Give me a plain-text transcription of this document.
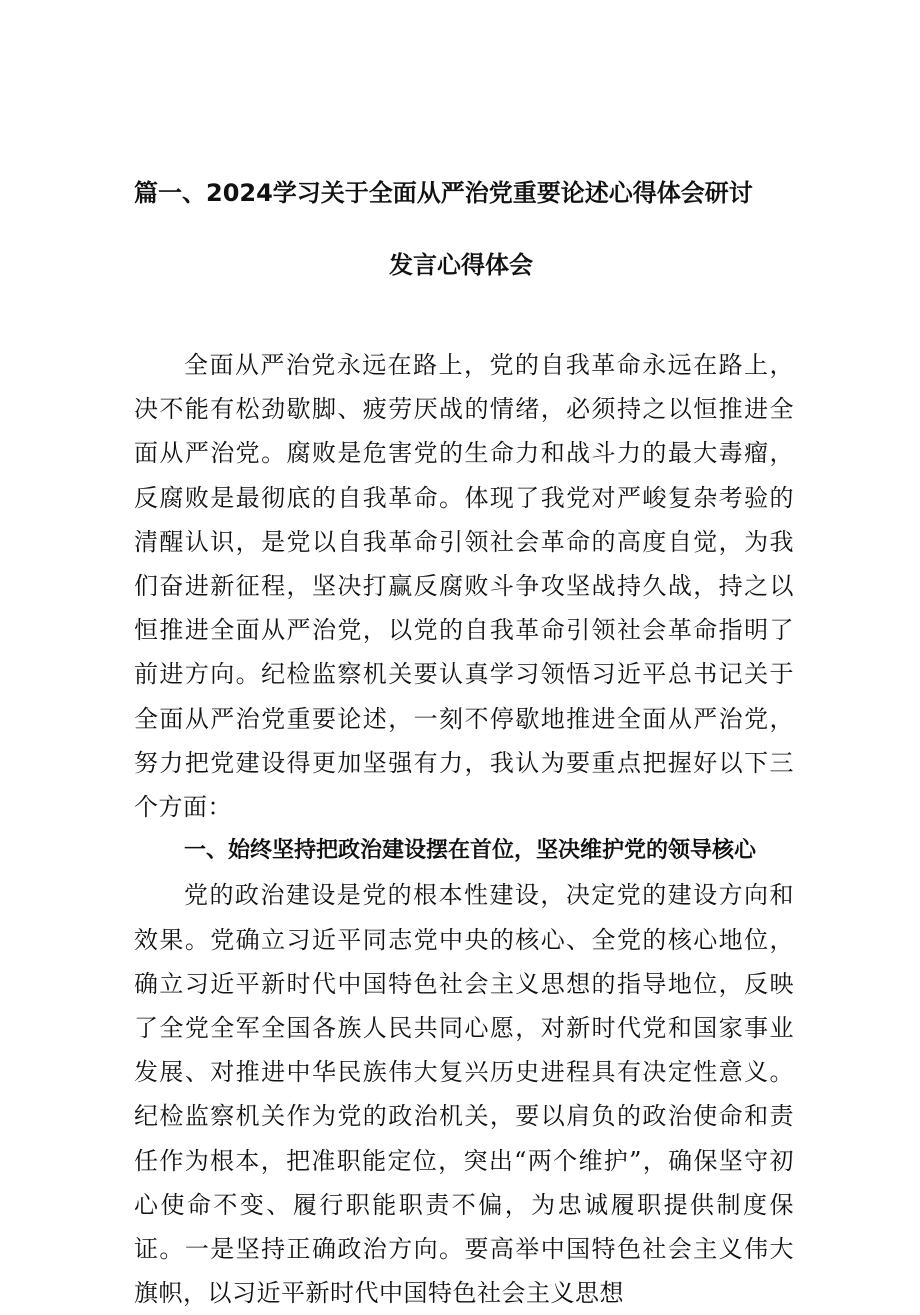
篇一、2024学习关于全面从严治党重要论述心得体会研讨
发言心得体会

全面从严治党永远在路上，党的自我革命永远在路上，决不能有松劲歇脚、疲劳厌战的情绪，必须持之以恒推进全面从严治党。腐败是危害党的生命力和战斗力的最大毒瘤，反腐败是最彻底的自我革命。体现了我党对严峻复杂考验的清醒认识，是党以自我革命引领社会革命的高度自觉，为我们奋进新征程，坚决打赢反腐败斗争攻坚战持久战，持之以恒推进全面从严治党，以党的自我革命引领社会革命指明了前进方向。纪检监察机关要认真学习领悟习近平总书记关于全面从严治党重要论述，一刻不停歇地推进全面从严治党，努力把党建设得更加坚强有力，我认为要重点把握好以下三个方面：

一、始终坚持把政治建设摆在首位，坚决维护党的领导核心

党的政治建设是党的根本性建设，决定党的建设方向和效果。党确立习近平同志党中央的核心、全党的核心地位，确立习近平新时代中国特色社会主义思想的指导地位，反映了全党全军全国各族人民共同心愿，对新时代党和国家事业发展、对推进中华民族伟大复兴历史进程具有决定性意义。纪检监察机关作为党的政治机关，要以肩负的政治使命和责任作为根本，把准职能定位，突出“两个维护”，确保坚守初心使命不变、履行职能职责不偏，为忠诚履职提供制度保证。一是坚持正确政治方向。要高举中国特色社会主义伟大旗帜，以习近平新时代中国特色社会主义思想
